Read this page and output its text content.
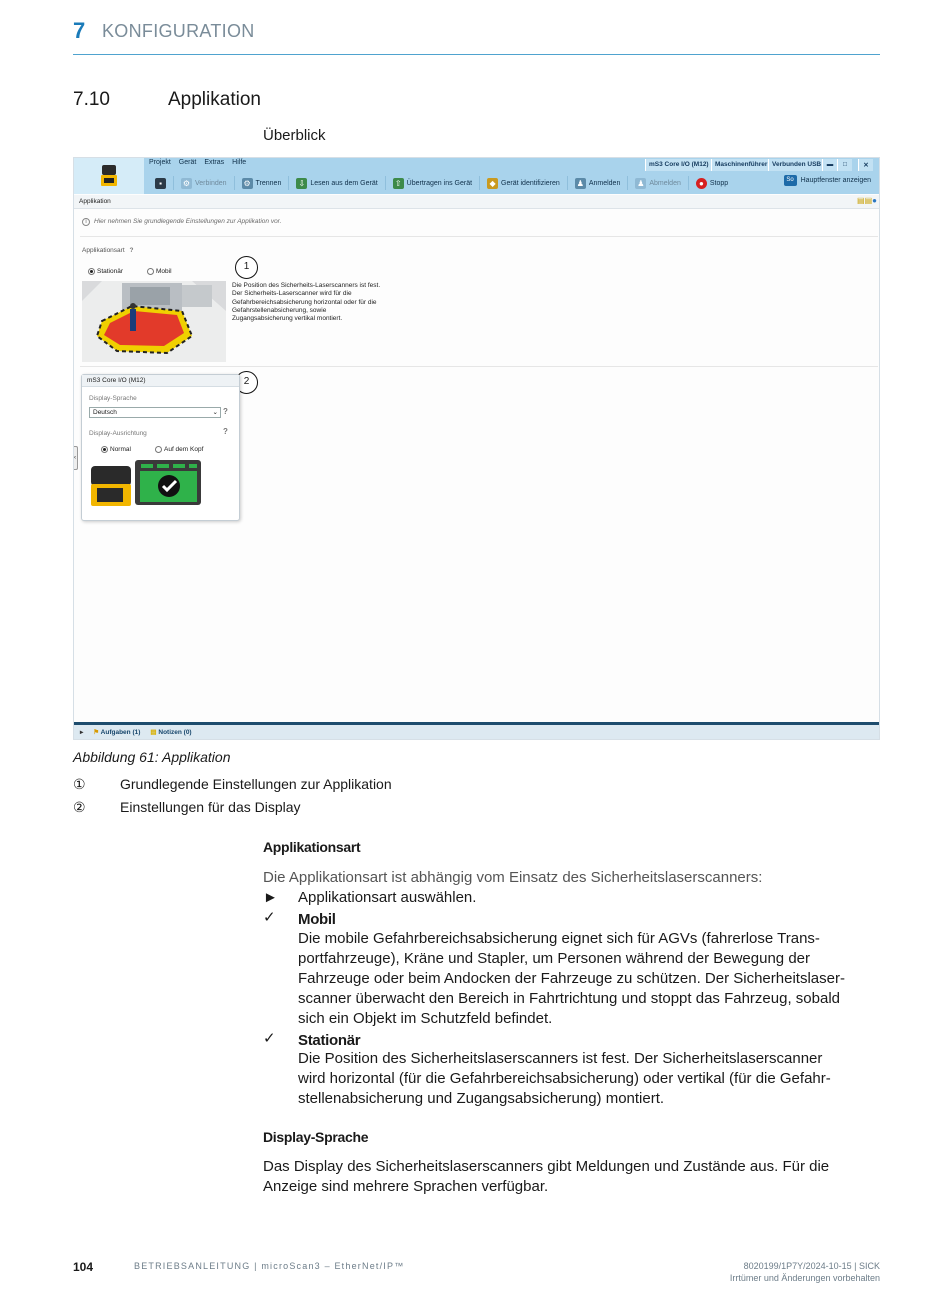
7 KONFIGURATION
7.10	Applikation
Überblick
Projekt Gerät Extras Hilfe	mS3 Core I/O (M12) Maschinenführer Verbunden USB ▬	□	✕
▪	⚙ Verbinden ⚙ Trennen ⇩ Lesen aus dem Gerät ⇧ Übertragen ins Gerät	◆ Gerät identifizieren ♟ Anmelden ♟ Abmelden	● Stopp	So Hauptfenster anzeigen
Applikation	▤▤●
i Hier nehmen Sie grundlegende Einstellungen zur Applikation vor.
Applikationsart ?
Stationär	Mobil	1
Die Position des Sicherheits-Laserscanners ist fest. Der Sicherheits-Laserscanner wird für die Gefahrbereichsabsicherung horizontal oder für die Gefahrstellenabsicherung, sowie Zugangsabsicherung vertikal montiert.
2
‹
mS3 Core I/O (M12)
Display-Sprache
Deutsch	⌄ ?
Display-Ausrichtung	?
Normal	Auf dem Kopf
▸ ⚑ Aufgaben (1) ▤ Notizen (0)
Abbildung 61: Applikation
① Grundlegende Einstellungen zur Applikation
② Einstellungen für das Display
Applikationsart
Die Applikationsart ist abhängig vom Einsatz des Sicherheitslaserscanners:
► Applikationsart auswählen.
✓ Mobil
Die mobile Gefahrbereichsabsicherung eignet sich für AGVs (fahrerlose Trans-
portfahrzeuge), Kräne und Stapler, um Personen während der Bewegung der
Fahrzeuge oder beim Andocken der Fahrzeuge zu schützen. Der Sicherheitslaser-
scanner überwacht den Bereich in Fahrtrichtung und stoppt das Fahrzeug, sobald
sich ein Objekt im Schutzfeld befindet.
✓ Stationär
Die Position des Sicherheitslaserscanners ist fest. Der Sicherheitslaserscanner
wird horizontal (für die Gefahrbereichsabsicherung) oder vertikal (für die Gefahr-
stellenabsicherung und Zugangsabsicherung) montiert.
Display-Sprache
Das Display des Sicherheitslaserscanners gibt Meldungen und Zustände aus. Für die
Anzeige sind mehrere Sprachen verfügbar.
104	BETRIEBSANLEITUNG | microScan3 – EtherNet/IP™	8020199/1P7Y/2024-10-15 | SICK
Irrtümer und Änderungen vorbehalten
